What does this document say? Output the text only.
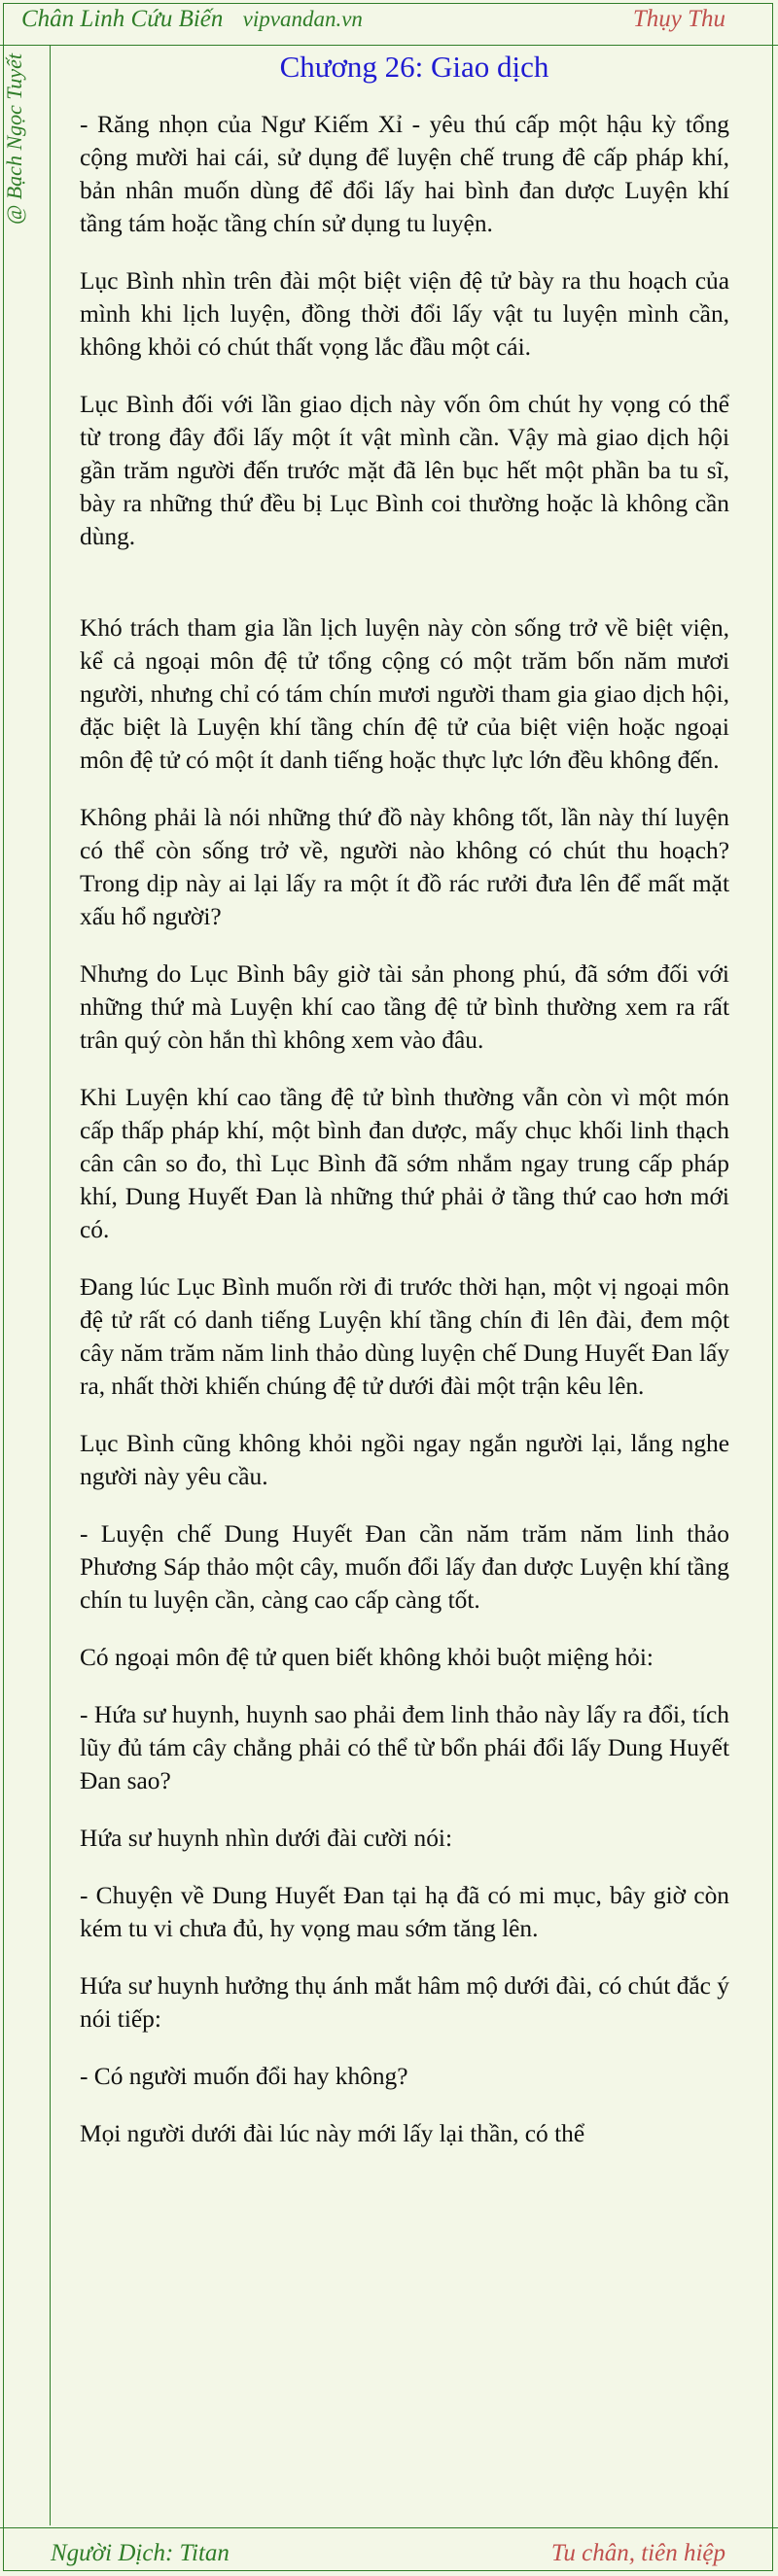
Chân Linh Cứu Biến vipvandan.vn	Thụy Thu
@ Bạch Ngọc Tuyết	Chương 26: Giao dịch

- Răng nhọn của Ngư Kiếm Xỉ - yêu thú cấp một hậu kỳ tổng cộng mười hai cái, sử dụng để luyện chế trung đê cấp pháp khí, bản nhân muốn dùng để đổi lấy hai bình đan dược Luyện khí tầng tám hoặc tầng chín sử dụng tu luyện.

Lục Bình nhìn trên đài một biệt viện đệ tử bày ra thu hoạch của mình khi lịch luyện, đồng thời đổi lấy vật tu luyện mình cần, không khỏi có chút thất vọng lắc đầu một cái.

Lục Bình đối với lần giao dịch này vốn ôm chút hy vọng có thể từ trong đây đổi lấy một ít vật mình cần. Vậy mà giao dịch hội gần trăm người đến trước mặt đã lên bục hết một phần ba tu sĩ, bày ra những thứ đều bị Lục Bình coi thường hoặc là không cần dùng.

Khó trách tham gia lần lịch luyện này còn sống trở về biệt viện, kể cả ngoại môn đệ tử tổng cộng có một trăm bốn năm mươi người, nhưng chỉ có tám chín mươi người tham gia giao dịch hội, đặc biệt là Luyện khí tầng chín đệ tử của biệt viện hoặc ngoại môn đệ tử có một ít danh tiếng hoặc thực lực lớn đều không đến.

Không phải là nói những thứ đồ này không tốt, lần này thí luyện có thể còn sống trở về, người nào không có chút thu hoạch? Trong dịp này ai lại lấy ra một ít đồ rác rưởi đưa lên để mất mặt xấu hổ người?

Nhưng do Lục Bình bây giờ tài sản phong phú, đã sớm đối với những thứ mà Luyện khí cao tầng đệ tử bình thường xem ra rất trân quý còn hắn thì không xem vào đâu.

Khi Luyện khí cao tầng đệ tử bình thường vẫn còn vì một món cấp thấp pháp khí, một bình đan dược, mấy chục khối linh thạch cân cân so đo, thì Lục Bình đã sớm nhắm ngay trung cấp pháp khí, Dung Huyết Đan là những thứ phải ở tầng thứ cao hơn mới có.

Đang lúc Lục Bình muốn rời đi trước thời hạn, một vị ngoại môn đệ tử rất có danh tiếng Luyện khí tầng chín đi lên đài, đem một cây năm trăm năm linh thảo dùng luyện chế Dung Huyết Đan lấy ra, nhất thời khiến chúng đệ tử dưới đài một trận kêu lên.

Lục Bình cũng không khỏi ngồi ngay ngắn người lại, lắng nghe người này yêu cầu.

- Luyện chế Dung Huyết Đan cần năm trăm năm linh thảo Phương Sáp thảo một cây, muốn đổi lấy đan dược Luyện khí tầng chín tu luyện cần, càng cao cấp càng tốt.

Có ngoại môn đệ tử quen biết không khỏi buột miệng hỏi:

- Hứa sư huynh, huynh sao phải đem linh thảo này lấy ra đổi, tích lũy đủ tám cây chẳng phải có thể từ bổn phái đổi lấy Dung Huyết Đan sao?

Hứa sư huynh nhìn dưới đài cười nói:

- Chuyện về Dung Huyết Đan tại hạ đã có mi mục, bây giờ còn kém tu vi chưa đủ, hy vọng mau sớm tăng lên.

Hứa sư huynh hưởng thụ ánh mắt hâm mộ dưới đài, có chút đắc ý nói tiếp:

- Có người muốn đổi hay không?

Mọi người dưới đài lúc này mới lấy lại thần, có thể

Người Dịch: Titan	Tu chân, tiên hiệp
